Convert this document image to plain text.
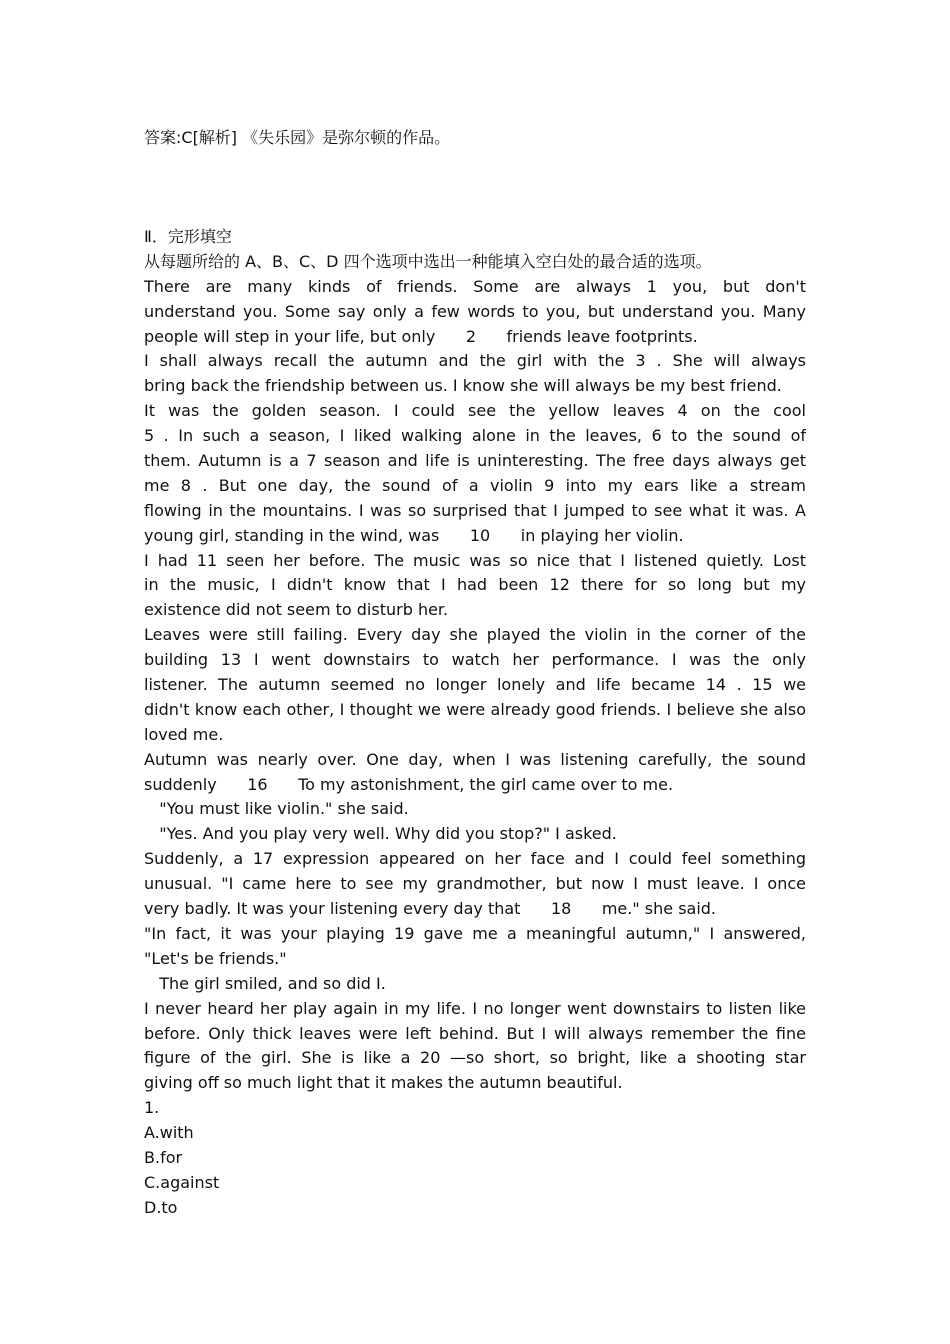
答案:C[解析] 《失乐园》是弥尔顿的作品。
Ⅱ．完形填空
从每题所给的 A、B、C、D 四个选项中选出一种能填入空白处的最合适的选项。
There are many kinds of friends. Some are always 1 you, but don't
understand you. Some say only a few words to you, but understand you. Many
people will step in your life, but only      2      friends leave footprints.
I shall always recall the autumn and the girl with the 3 . She will always
bring back the friendship between us. I know she will always be my best friend.
It was the golden season. I could see the yellow leaves 4 on the cool
5 . In such a season, I liked walking alone in the leaves, 6 to the sound of
them. Autumn is a 7 season and life is uninteresting. The free days always get
me 8 . But one day, the sound of a violin 9 into my ears like a stream
flowing in the mountains. I was so surprised that I jumped to see what it was. A
young girl, standing in the wind, was      10      in playing her violin.
I had 11 seen her before. The music was so nice that I listened quietly. Lost
in the music, I didn't know that I had been 12 there for so long but my
existence did not seem to disturb her.
Leaves were still failing. Every day she played the violin in the corner of the
building 13 I went downstairs to watch her performance. I was the only
listener. The autumn seemed no longer lonely and life became 14 . 15 we
didn't know each other, I thought we were already good friends. I believe she also
loved me.
Autumn was nearly over. One day, when I was listening carefully, the sound
suddenly      16      To my astonishment, the girl came over to me.
"You must like violin." she said.
"Yes. And you play very well. Why did you stop?" I asked.
Suddenly, a 17 expression appeared on her face and I could feel something
unusual. "I came here to see my grandmother, but now I must leave. I once
very badly. It was your listening every day that      18      me." she said.
"In fact, it was your playing 19 gave me a meaningful autumn," I answered,
"Let's be friends."
The girl smiled, and so did I.
I never heard her play again in my life. I no longer went downstairs to listen like
before. Only thick leaves were left behind. But I will always remember the fine
figure of the girl. She is like a 20 —so short, so bright, like a shooting star
giving off so much light that it makes the autumn beautiful.
1.
A.with
B.for
C.against
D.to
